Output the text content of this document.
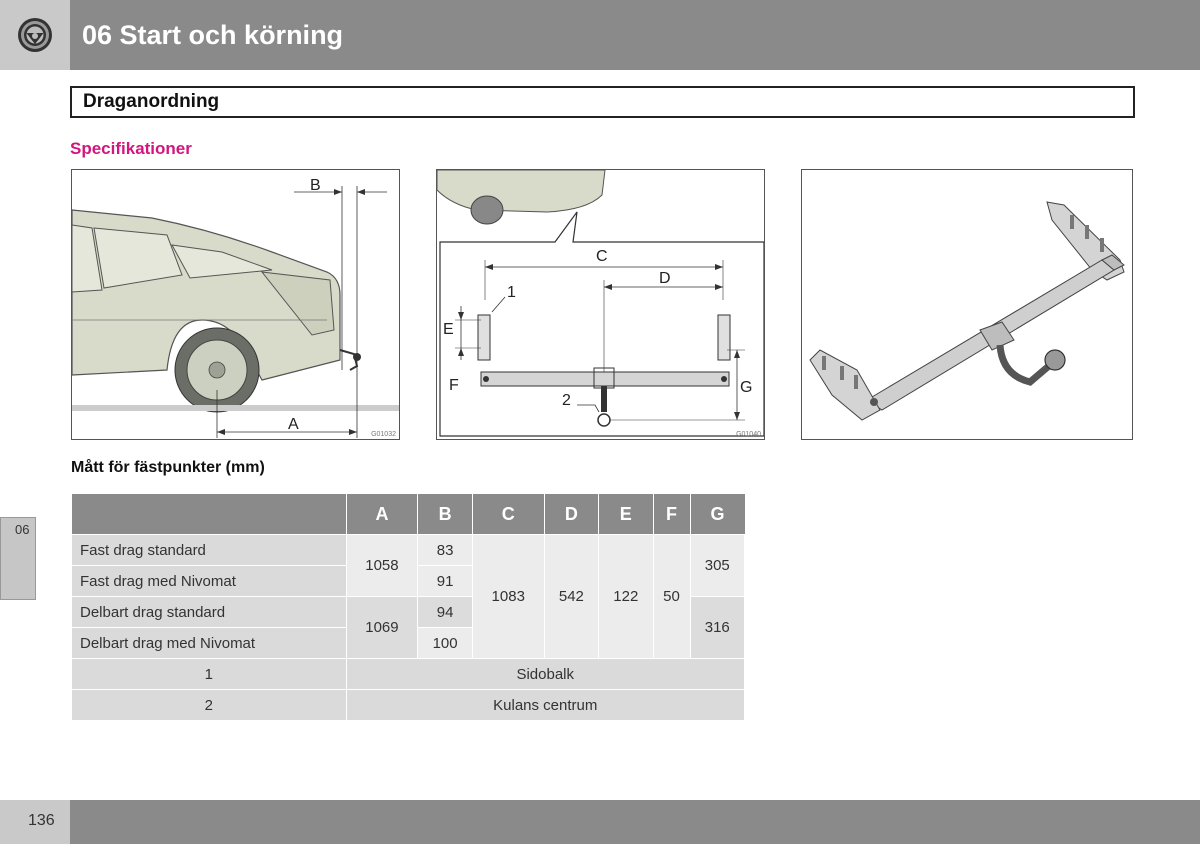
06 Start och körning
Draganordning
Specifikationer
B
A
G01032
C
D
E
F	G
1
2
G01040
Mått för fästpunkter (mm)
06
	A	B	C	D	E	F	G
Fast drag standard	1058	83	1083	542	122	50	305
Fast drag med Nivomat		91					
Delbart drag standard	1069	94					316
Delbart drag med Nivomat		100					
1	Sidobalk						
2	Kulans centrum						
136
